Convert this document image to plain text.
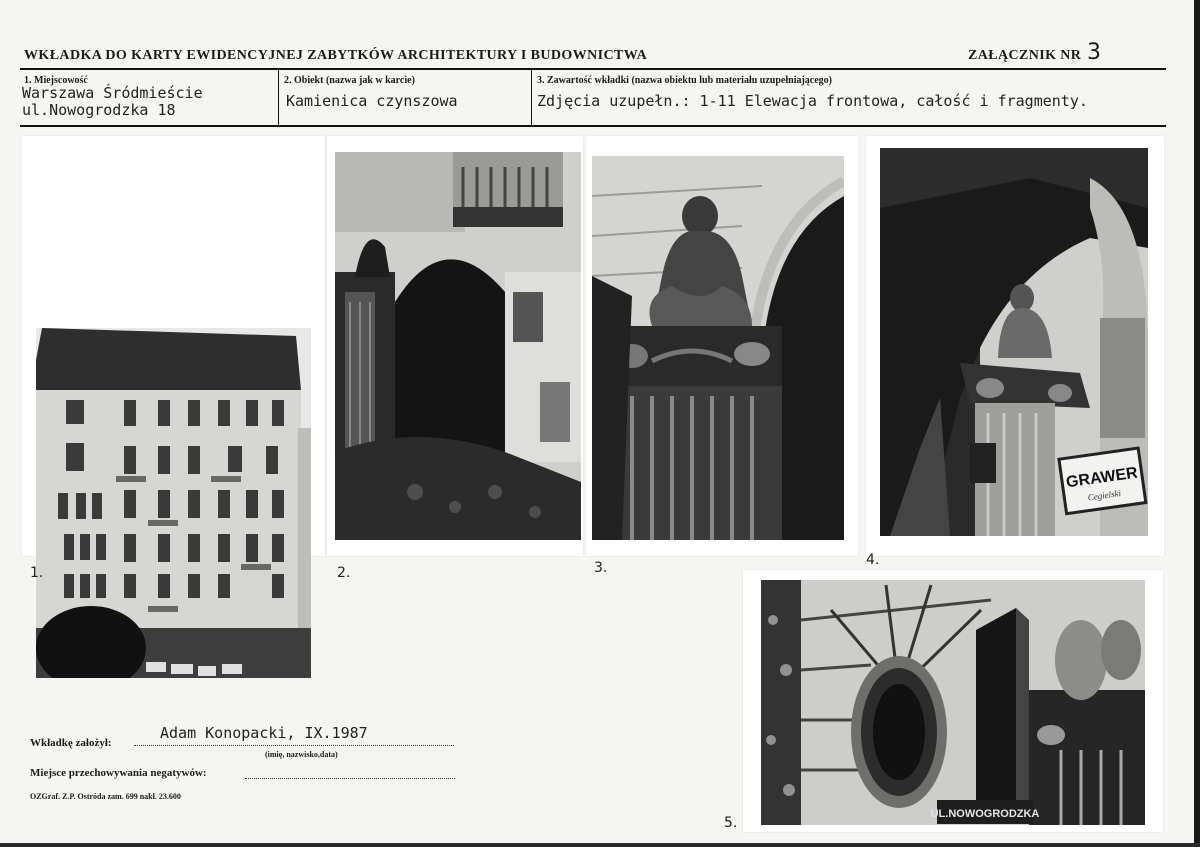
WKŁADKA DO KARTY EWIDENCYJNEJ ZABYTKÓW ARCHITEKTURY I BUDOWNICTWA	ZAŁĄCZNIK NR 3
1. Miejscowość
Warszawa Śródmieście
ul.Nowogrodzka 18
2. Obiekt (nazwa jak w karcie)
Kamienica czynszowa
3. Zawartość wkładki (nazwa obiektu lub materiału uzupełniającego)
Zdjęcia uzupełn.: 1-11 Elewacja frontowa, całość i fragmenty.
1.	2.	3.
GRAWER
Cegielski
4.
UL.NOWOGRODZKA
5.
Wkładkę założył:
Adam Konopacki, IX.1987
(imię, nazwisko,data)
Miejsce przechowywania negatywów:
OZGraf. Z.P. Ostróda zam. 699 nakł. 23.600
